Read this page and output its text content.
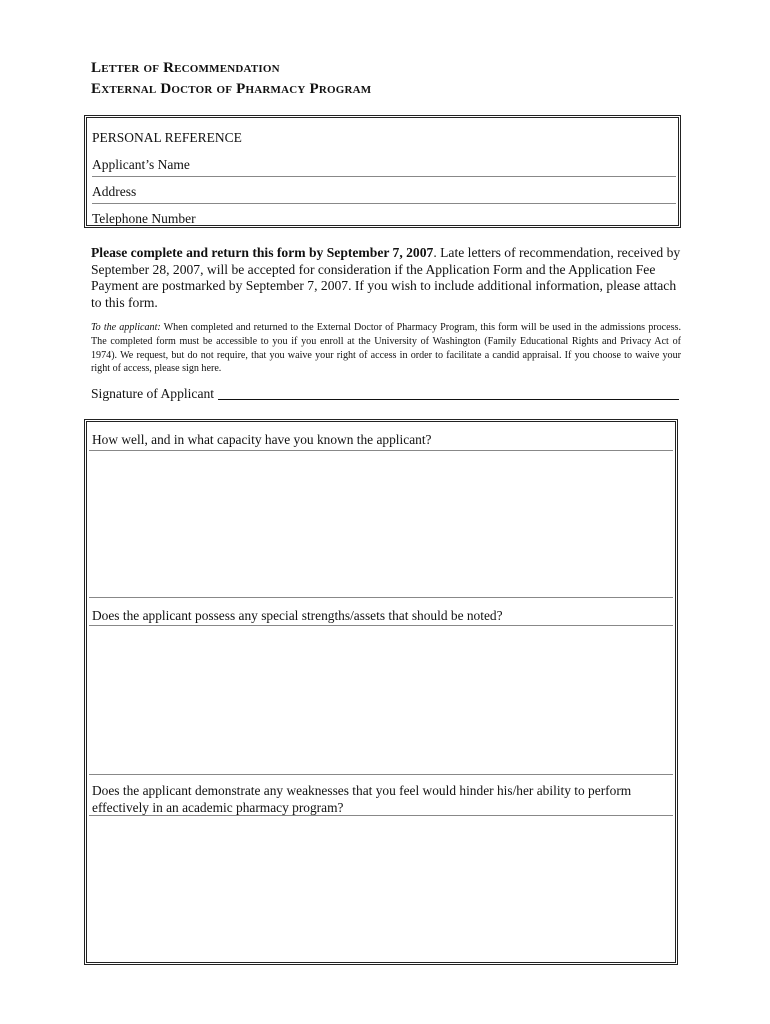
Letter of Recommendation
External Doctor of Pharmacy Program
PERSONAL REFERENCE
Applicant’s Name
Address
Telephone Number

Please complete and return this form by September 7, 2007. Late letters of recommendation, received by September 28, 2007, will be accepted for consideration if the Application Form and the Application Fee Payment are postmarked by September 7, 2007. If you wish to include additional information, please attach to this form.

To the applicant: When completed and returned to the External Doctor of Pharmacy Program, this form will be used in the admissions process. The completed form must be accessible to you if you enroll at the University of Washington (Family Educational Rights and Privacy Act of 1974). We request, but do not require, that you waive your right of access in order to facilitate a candid appraisal. If you choose to waive your right of access, please sign here.

Signature of Applicant
How well, and in what capacity have you known the applicant?
Does the applicant possess any special strengths/assets that should be noted?
Does the applicant demonstrate any weaknesses that you feel would hinder his/her ability to perform effectively in an academic pharmacy program?
